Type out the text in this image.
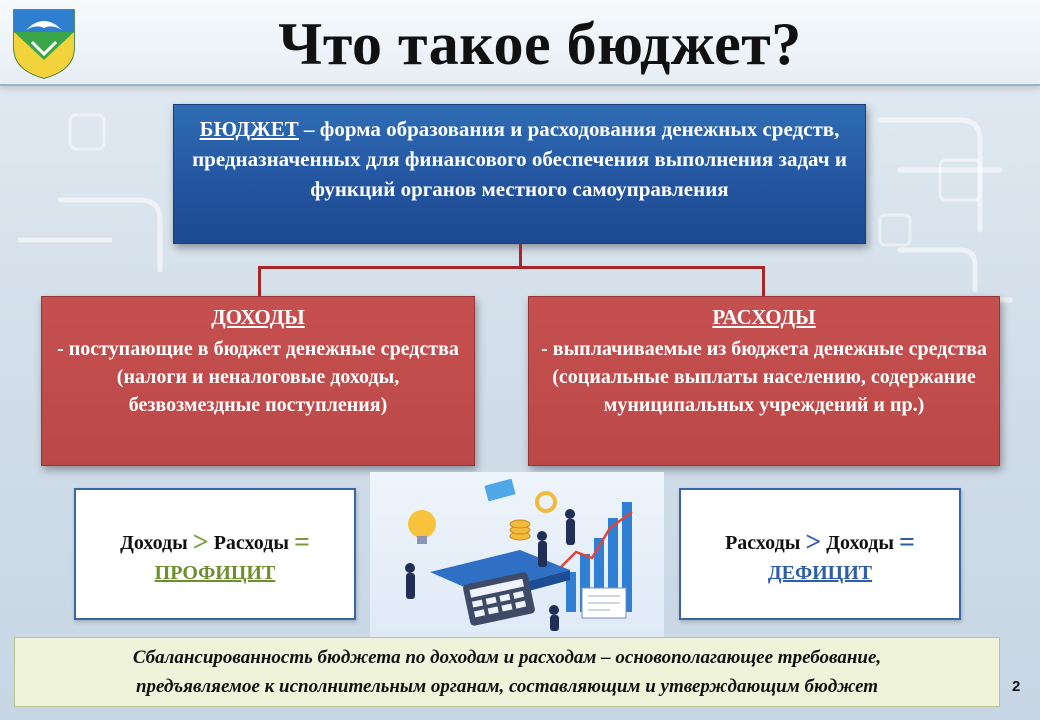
Что такое бюджет?
БЮДЖЕТ – форма образования и расходования денежных средств, предназначенных для финансового обеспечения выполнения задач и функций органов местного самоуправления
ДОХОДЫ
- поступающие в бюджет денежные средства (налоги и неналоговые доходы, безвозмездные поступления)
РАСХОДЫ
- выплачиваемые из бюджета денежные средства (социальные выплаты населению, содержание муниципальных учреждений и пр.)
Доходы > Расходы =
ПРОФИЦИТ
Расходы > Доходы =
ДЕФИЦИТ
Сбалансированность бюджета по доходам и расходам – основополагающее требование,
предъявляемое к исполнительным органам, составляющим и утверждающим бюджет	2
